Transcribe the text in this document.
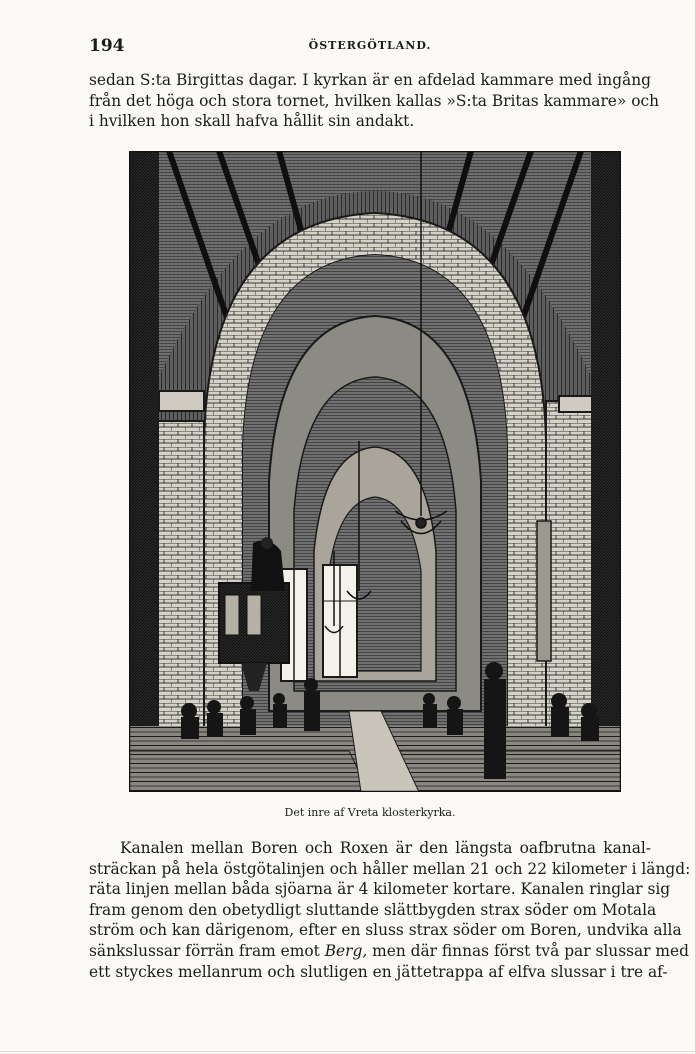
194	ÖSTERGÖTLAND.
sedan S:ta Birgittas dagar. I kyrkan är en afdelad kammare med ingång
från det höga och stora tornet, hvilken kallas »S:ta Britas kammare» och
i hvilken hon skall hafva hållit sin andakt.
Det inre af Vreta klosterkyrka.
Kanalen mellan Boren och Roxen är den längsta oafbrutna kanal-
sträckan på hela östgötalinjen och håller mellan 21 och 22 kilometer i längd:
räta linjen mellan båda sjöarna är 4 kilometer kortare. Kanalen ringlar sig
fram genom den obetydligt sluttande slättbygden strax söder om Motala
ström och kan därigenom, efter en sluss strax söder om Boren, undvika alla
sänkslussar förrän fram emot Berg, men där finnas först två par slussar med
ett styckes mellanrum och slutligen en jättetrappa af elfva slussar i tre af-
